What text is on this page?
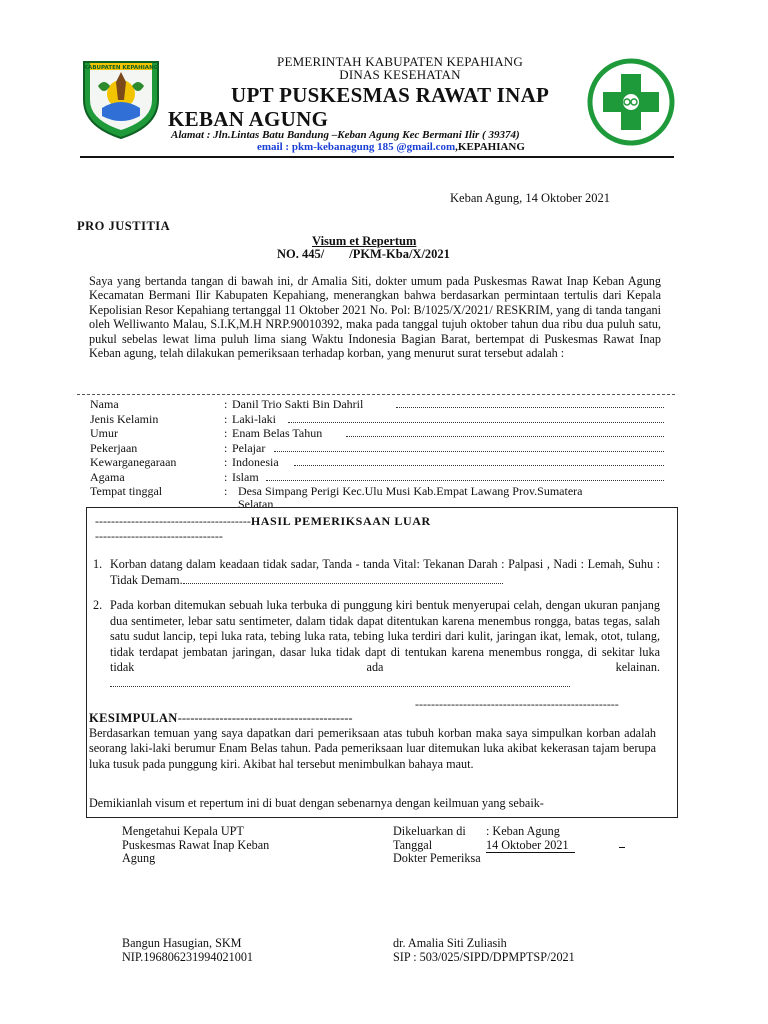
KABUPATEN KEPAHIANG	PEMERINTAH KABUPATEN KEPAHIANG
DINAS KESEHATAN
UPT PUSKESMAS RAWAT INAP
KEBAN AGUNG
Alamat : Jln.Lintas Batu Bandung –Keban Agung Kec Bermani Ilir ( 39374)
email : pkm-kebanagung 185 @gmail.com,KEPAHIANG
Keban Agung, 14 Oktober 2021
PRO JUSTITIA
Visum et Repertum
NO. 445/        /PKM-Kba/X/2021
Saya yang bertanda tangan di bawah ini, dr Amalia Siti, dokter umum pada Puskesmas Rawat Inap Keban Agung Kecamatan Bermani Ilir Kabupaten Kepahiang, menerangkan bahwa berdasarkan permintaan tertulis dari Kepala Kepolisian Resor Kepahiang tertanggal 11 Oktober 2021 No. Pol: B/1025/X/2021/ RESKRIM, yang di tanda tangani oleh Welliwanto Malau, S.I.K,M.H NRP.90010392, maka pada tanggal tujuh oktober tahun dua ribu dua puluh satu, pukul sebelas lewat lima puluh lima siang Waktu Indonesia Bagian Barat, bertempat di Puskesmas Rawat Inap Keban agung, telah dilakukan pemeriksaan terhadap korban, yang menurut surat tersebut adalah :
Nama	: Danil Trio Sakti Bin Dahril
Jenis Kelamin	: Laki-laki
Umur	: Enam Belas Tahun
Pekerjaan	: Pelajar
Kewarganegaraan	: Indonesia
Agama	: Islam
Tempat tinggal	: Desa Simpang Perigi Kec.Ulu Musi Kab.Empat Lawang Prov.Sumatera
Selatan
---------------------------------------HASIL PEMERIKSAAN LUAR
--------------------------------
1. Korban datang dalam keadaan tidak sadar, Tanda - tanda Vital: Tekanan Darah : Palpasi , Nadi : Lemah, Suhu : Tidak Demam.
2. Pada korban ditemukan sebuah luka terbuka di punggung kiri bentuk menyerupai celah, dengan ukuran panjang dua sentimeter, lebar satu sentimeter, dalam tidak dapat ditentukan karena menembus rongga, batas tegas, salah satu sudut lancip, tepi luka rata, tebing luka rata, tebing luka terdiri dari kulit, jaringan ikat, lemak, otot, tulang, tidak terdapat jembatan jaringan, dasar luka tidak dapt di tentukan karena menembus rongga, di sekitar luka tidak ada kelainan.
---------------------------------------------------
KESIMPULAN------------------------------------------
Berdasarkan temuan yang saya dapatkan dari pemeriksaan atas tubuh korban maka saya simpulkan korban adalah seorang laki-laki berumur Enam Belas tahun. Pada pemeriksaan luar ditemukan luka akibat kekerasan tajam berupa luka tusuk pada punggung kiri. Akibat hal tersebut menimbulkan bahaya maut.
Demikianlah visum et repertum ini di buat dengan sebenarnya dengan keilmuan yang sebaik-
Mengetahui Kepala UPT
Puskesmas Rawat Inap Keban
Agung
Bangun Hasugian, SKM
NIP.196806231994021001
Dikeluarkan di : Keban Agung
Tanggal	14 Oktober 2021
Dokter Pemeriksa
dr. Amalia Siti Zuliasih
SIP : 503/025/SIPD/DPMPTSP/2021
